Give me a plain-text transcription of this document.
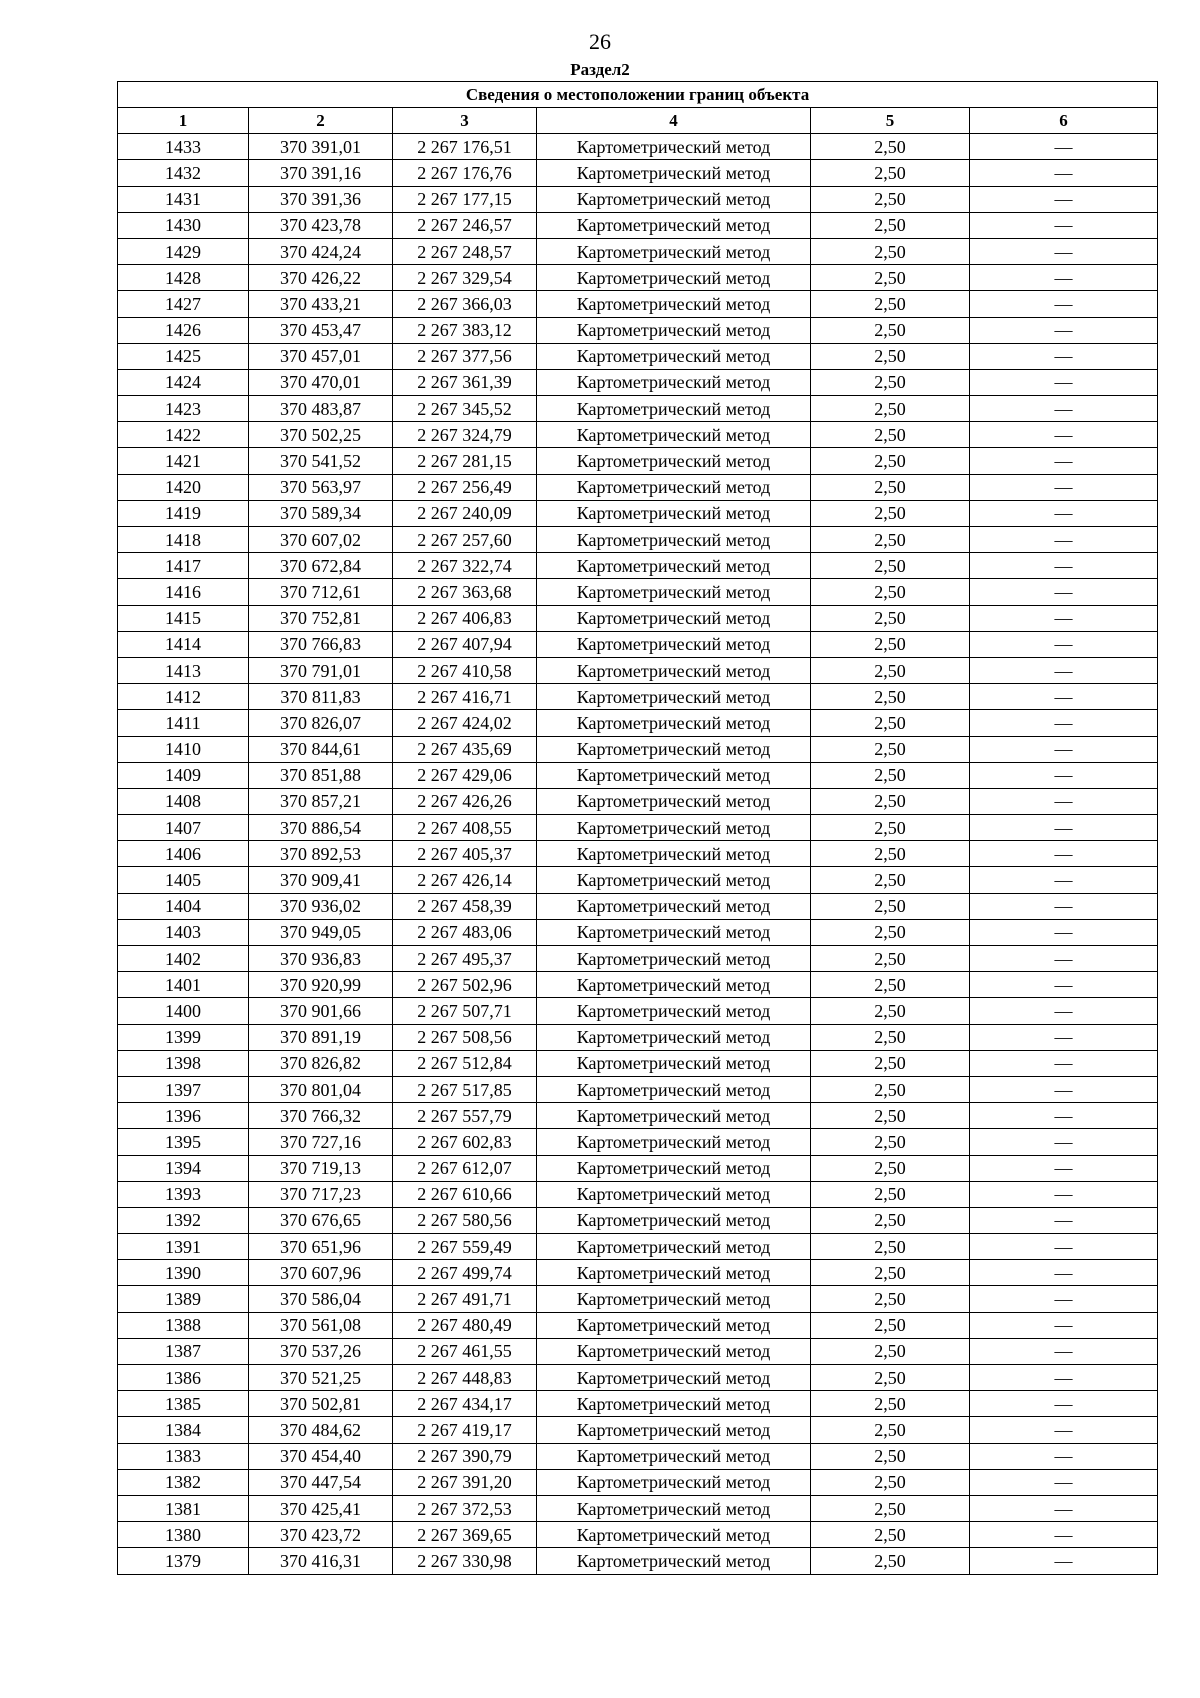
26
Раздел2
Сведения о местоположении границ объекта					
1	2	3	4	5	6
1433	370 391,01	2 267 176,51	Картометрический метод	2,50	—
1432	370 391,16	2 267 176,76	Картометрический метод	2,50	—
1431	370 391,36	2 267 177,15	Картометрический метод	2,50	—
1430	370 423,78	2 267 246,57	Картометрический метод	2,50	—
1429	370 424,24	2 267 248,57	Картометрический метод	2,50	—
1428	370 426,22	2 267 329,54	Картометрический метод	2,50	—
1427	370 433,21	2 267 366,03	Картометрический метод	2,50	—
1426	370 453,47	2 267 383,12	Картометрический метод	2,50	—
1425	370 457,01	2 267 377,56	Картометрический метод	2,50	—
1424	370 470,01	2 267 361,39	Картометрический метод	2,50	—
1423	370 483,87	2 267 345,52	Картометрический метод	2,50	—
1422	370 502,25	2 267 324,79	Картометрический метод	2,50	—
1421	370 541,52	2 267 281,15	Картометрический метод	2,50	—
1420	370 563,97	2 267 256,49	Картометрический метод	2,50	—
1419	370 589,34	2 267 240,09	Картометрический метод	2,50	—
1418	370 607,02	2 267 257,60	Картометрический метод	2,50	—
1417	370 672,84	2 267 322,74	Картометрический метод	2,50	—
1416	370 712,61	2 267 363,68	Картометрический метод	2,50	—
1415	370 752,81	2 267 406,83	Картометрический метод	2,50	—
1414	370 766,83	2 267 407,94	Картометрический метод	2,50	—
1413	370 791,01	2 267 410,58	Картометрический метод	2,50	—
1412	370 811,83	2 267 416,71	Картометрический метод	2,50	—
1411	370 826,07	2 267 424,02	Картометрический метод	2,50	—
1410	370 844,61	2 267 435,69	Картометрический метод	2,50	—
1409	370 851,88	2 267 429,06	Картометрический метод	2,50	—
1408	370 857,21	2 267 426,26	Картометрический метод	2,50	—
1407	370 886,54	2 267 408,55	Картометрический метод	2,50	—
1406	370 892,53	2 267 405,37	Картометрический метод	2,50	—
1405	370 909,41	2 267 426,14	Картометрический метод	2,50	—
1404	370 936,02	2 267 458,39	Картометрический метод	2,50	—
1403	370 949,05	2 267 483,06	Картометрический метод	2,50	—
1402	370 936,83	2 267 495,37	Картометрический метод	2,50	—
1401	370 920,99	2 267 502,96	Картометрический метод	2,50	—
1400	370 901,66	2 267 507,71	Картометрический метод	2,50	—
1399	370 891,19	2 267 508,56	Картометрический метод	2,50	—
1398	370 826,82	2 267 512,84	Картометрический метод	2,50	—
1397	370 801,04	2 267 517,85	Картометрический метод	2,50	—
1396	370 766,32	2 267 557,79	Картометрический метод	2,50	—
1395	370 727,16	2 267 602,83	Картометрический метод	2,50	—
1394	370 719,13	2 267 612,07	Картометрический метод	2,50	—
1393	370 717,23	2 267 610,66	Картометрический метод	2,50	—
1392	370 676,65	2 267 580,56	Картометрический метод	2,50	—
1391	370 651,96	2 267 559,49	Картометрический метод	2,50	—
1390	370 607,96	2 267 499,74	Картометрический метод	2,50	—
1389	370 586,04	2 267 491,71	Картометрический метод	2,50	—
1388	370 561,08	2 267 480,49	Картометрический метод	2,50	—
1387	370 537,26	2 267 461,55	Картометрический метод	2,50	—
1386	370 521,25	2 267 448,83	Картометрический метод	2,50	—
1385	370 502,81	2 267 434,17	Картометрический метод	2,50	—
1384	370 484,62	2 267 419,17	Картометрический метод	2,50	—
1383	370 454,40	2 267 390,79	Картометрический метод	2,50	—
1382	370 447,54	2 267 391,20	Картометрический метод	2,50	—
1381	370 425,41	2 267 372,53	Картометрический метод	2,50	—
1380	370 423,72	2 267 369,65	Картометрический метод	2,50	—
1379	370 416,31	2 267 330,98	Картометрический метод	2,50	—
